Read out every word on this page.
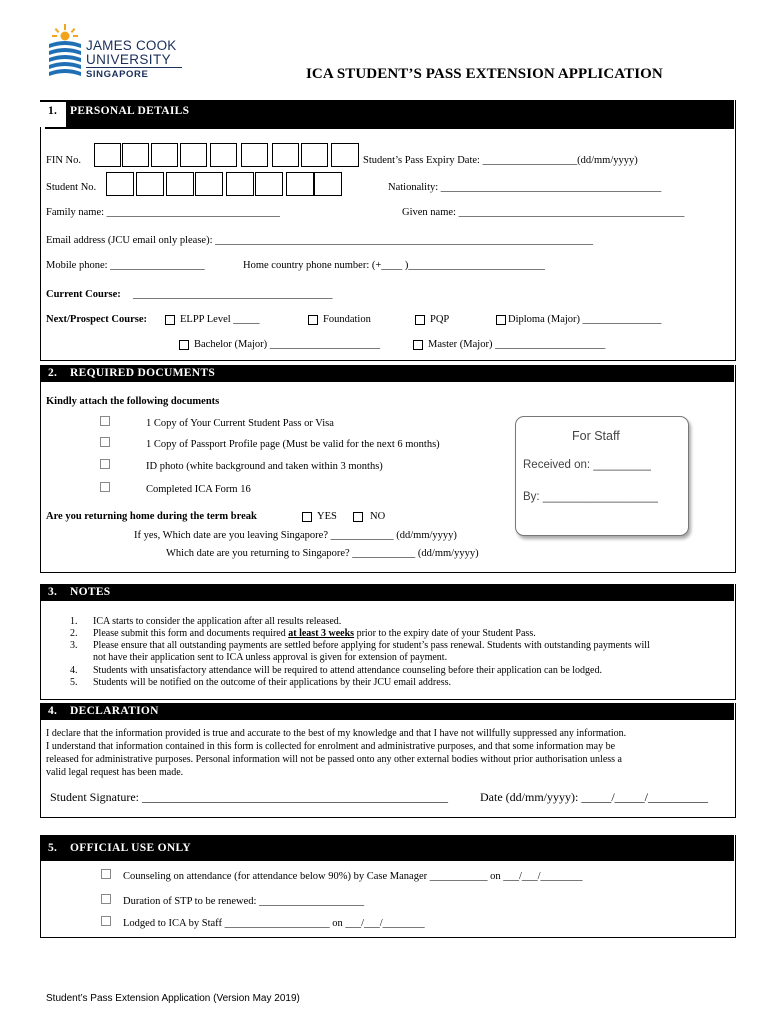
JAMES COOK
UNIVERSITY
SINGAPORE	ICA STUDENT’S PASS EXTENSION APPLICATION
1. PERSONAL DETAILS
FIN No.	Student’s Pass Expiry Date: __________________(dd/mm/yyyy)
Student No.	Nationality: __________________________________________
Family name: _________________________________	Given name: ___________________________________________
Email address (JCU email only please): ________________________________________________________________________
Mobile phone: __________________	Home country phone number: (+____ )__________________________
Current Course: ______________________________________
Next/Prospect Course:	ELPP Level _____	Foundation	PQP	Diploma (Major) _______________
Bachelor (Major) _____________________	Master (Major) _____________________
2. REQUIRED DOCUMENTS
Kindly attach the following documents
1 Copy of Your Current Student Pass or Visa
1 Copy of Passport Profile page (Must be valid for the next 6 months)
ID photo (white background and taken within 3 months)
Completed ICA Form 16
For Staff
Received on: _________
By: __________________
Are you returning home during the term break	YES	NO
If yes, Which date are you leaving Singapore? ____________ (dd/mm/yyyy)
Which date are you returning to Singapore? ____________ (dd/mm/yyyy)
3. NOTES
1. ICA starts to consider the application after all results released.
2. Please submit this form and documents required at least 3 weeks prior to the expiry date of your Student Pass.
3. Please ensure that all outstanding payments are settled before applying for student’s pass renewal. Students with outstanding payments will
not have their application sent to ICA unless approval is given for extension of payment.
4. Students with unsatisfactory attendance will be required to attend attendance counseling before their application can be lodged.
5. Students will be notified on the outcome of their applications by their JCU email address.
4. DECLARATION
I declare that the information provided is true and accurate to the best of my knowledge and that I have not willfully suppressed any information.
I understand that information contained in this form is collected for enrolment and administrative purposes, and that some information may be
released for administrative purposes. Personal information will not be passed onto any other external bodies without prior authorisation unless a
valid legal request has been made.
Student Signature: ___________________________________________________	Date (dd/mm/yyyy): _____/_____/__________
5. OFFICIAL USE ONLY
Counseling on attendance (for attendance below 90%) by Case Manager ___________ on ___/___/________
Duration of STP to be renewed: ____________________
Lodged to ICA by Staff ____________________ on ___/___/________
Student’s Pass Extension Application (Version May 2019)
